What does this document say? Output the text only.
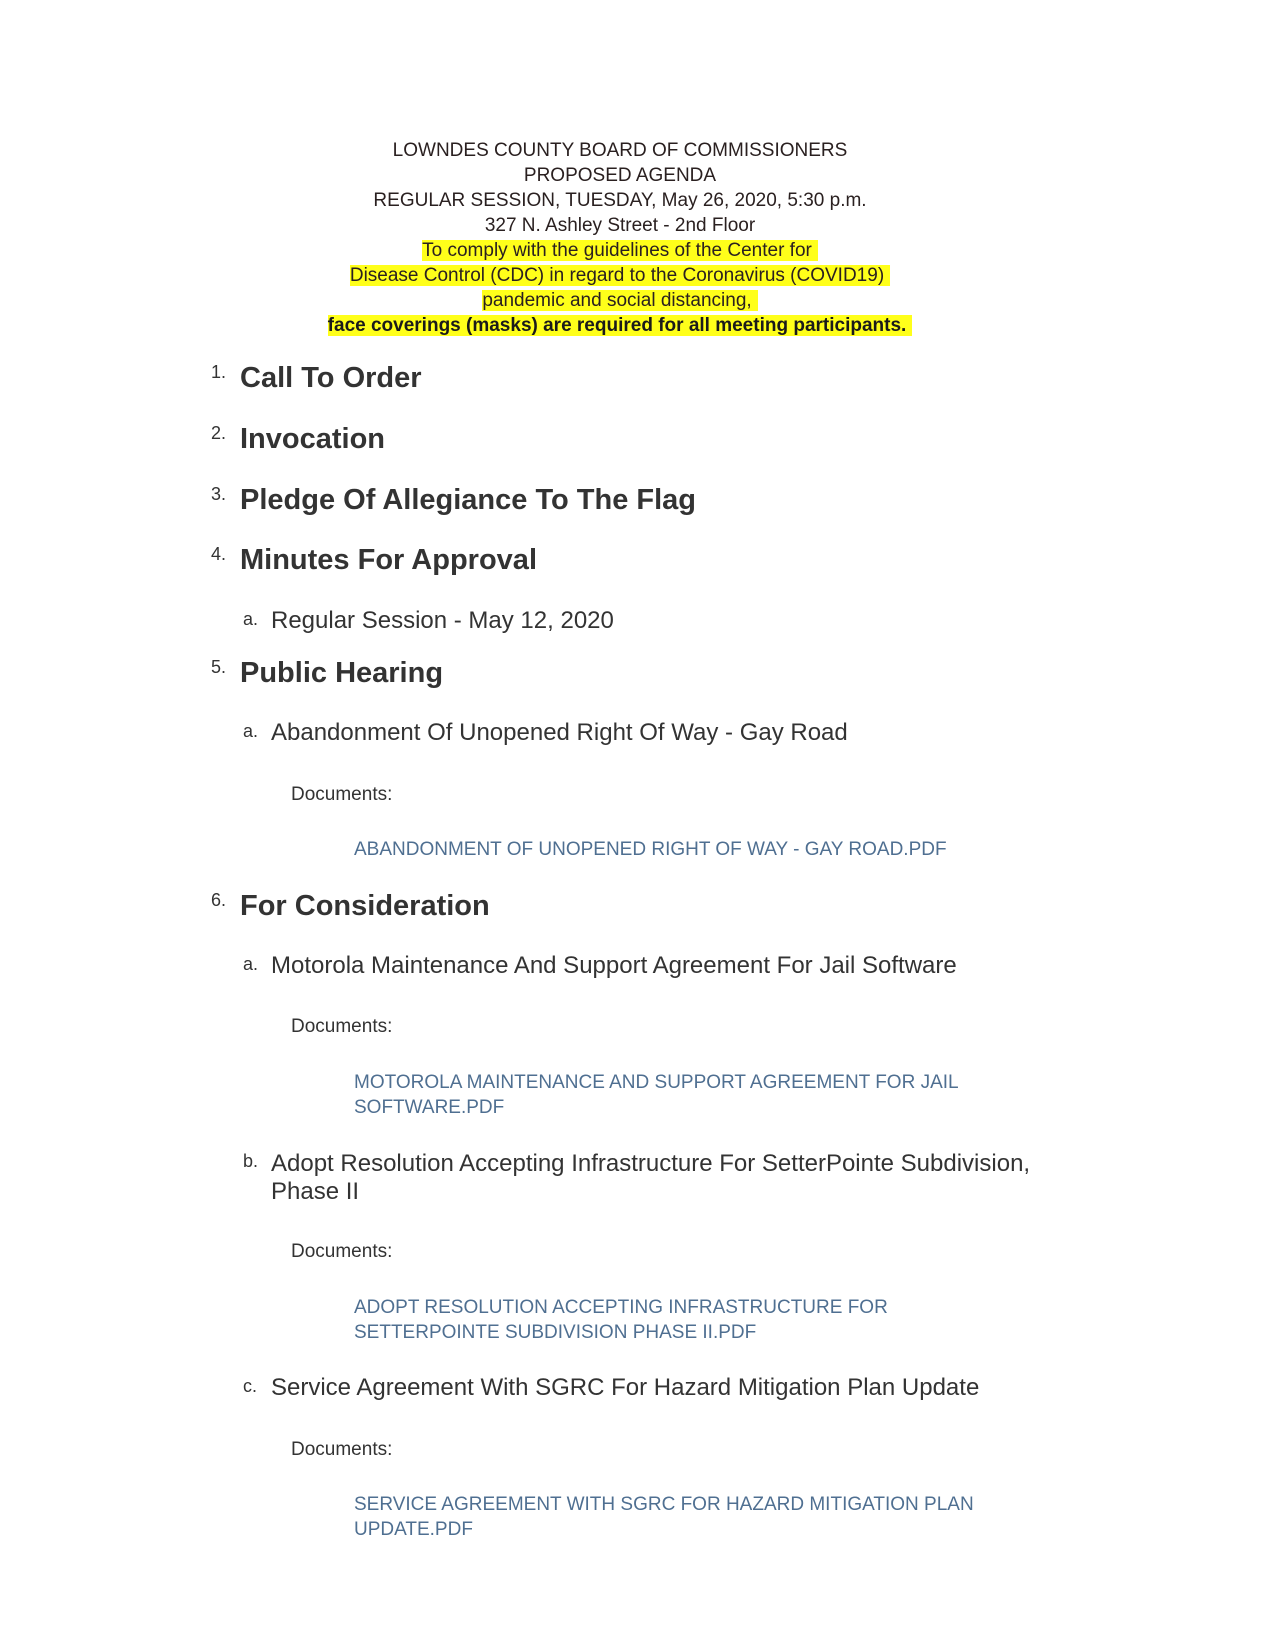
LOWNDES COUNTY BOARD OF COMMISSIONERS
PROPOSED AGENDA
REGULAR SESSION, TUESDAY, May 26, 2020, 5:30 p.m.
327 N. Ashley Street - 2nd Floor
To comply with the guidelines of the Center for
Disease Control (CDC) in regard to the Coronavirus (COVID19)
pandemic and social distancing,
face coverings (masks) are required for all meeting participants.
1. Call To Order
2. Invocation
3. Pledge Of Allegiance To The Flag
4. Minutes For Approval
a. Regular Session - May 12, 2020
5. Public Hearing
a. Abandonment Of Unopened Right Of Way - Gay Road
Documents:
ABANDONMENT OF UNOPENED RIGHT OF WAY - GAY ROAD.PDF
6. For Consideration
a. Motorola Maintenance And Support Agreement For Jail Software
Documents:
MOTOROLA MAINTENANCE AND SUPPORT AGREEMENT FOR JAIL
SOFTWARE.PDF
b. Adopt Resolution Accepting Infrastructure For SetterPointe Subdivision,
Phase II
Documents:
ADOPT RESOLUTION ACCEPTING INFRASTRUCTURE FOR
SETTERPOINTE SUBDIVISION PHASE II.PDF
c. Service Agreement With SGRC For Hazard Mitigation Plan Update
Documents:
SERVICE AGREEMENT WITH SGRC FOR HAZARD MITIGATION PLAN
UPDATE.PDF
